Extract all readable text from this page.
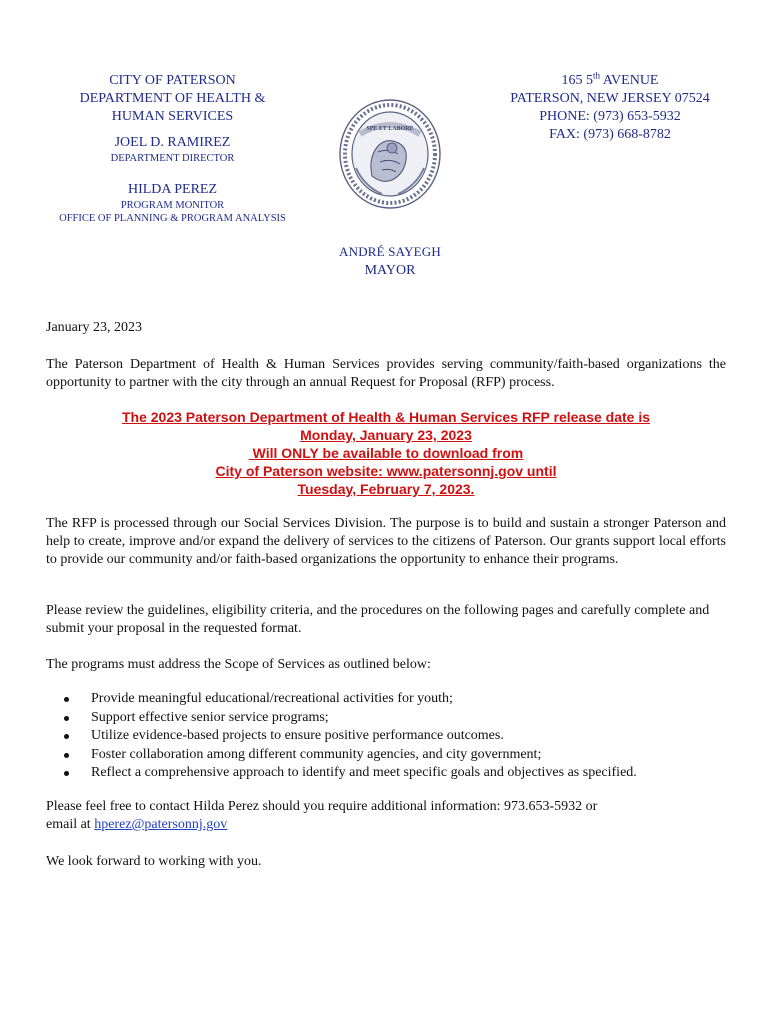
CITY OF PATERSON
DEPARTMENT OF HEALTH &
HUMAN SERVICES
JOEL D. RAMIREZ
DEPARTMENT DIRECTOR
HILDA PEREZ
PROGRAM MONITOR
OFFICE OF PLANNING & PROGRAM ANALYSIS
SPE ET LABORE
165 5th AVENUE
PATERSON, NEW JERSEY 07524
PHONE: (973) 653-5932
FAX: (973) 668-8782
ANDRÉ SAYEGH
MAYOR
January 23, 2023
The Paterson Department of Health & Human Services provides serving community/faith-based organizations the opportunity to partner with the city through an annual Request for Proposal (RFP) process.
The 2023 Paterson Department of Health & Human Services RFP release date is
Monday, January 23, 2023
Will ONLY be available to download from
City of Paterson website: www.patersonnj.gov until
Tuesday, February 7, 2023.
The RFP is processed through our Social Services Division. The purpose is to build and sustain a stronger Paterson and help to create, improve and/or expand the delivery of services to the citizens of Paterson. Our grants support local efforts to provide our community and/or faith-based organizations the opportunity to enhance their programs.
Please review the guidelines, eligibility criteria, and the procedures on the following pages and carefully complete and submit your proposal in the requested format.
The programs must address the Scope of Services as outlined below:
Provide meaningful educational/recreational activities for youth;
Support effective senior service programs;
Utilize evidence-based projects to ensure positive performance outcomes.
Foster collaboration among different community agencies, and city government;
Reflect a comprehensive approach to identify and meet specific goals and objectives as specified.
Please feel free to contact Hilda Perez should you require additional information: 973.653-5932 or
email at hperez@patersonnj.gov
We look forward to working with you.
